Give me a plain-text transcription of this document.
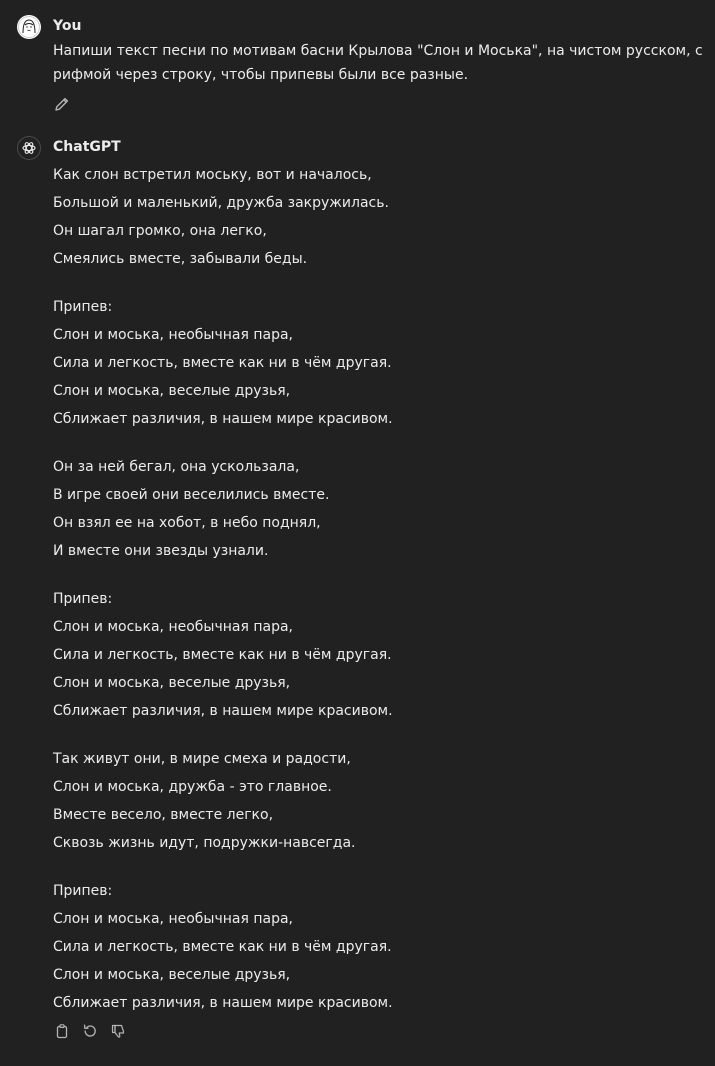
You
Напиши текст песни по мотивам басни Крылова "Слон и Моська", на чистом русском, с рифмой через строку, чтобы припевы были все разные.
ChatGPT
Как слон встретил моську, вот и началось,
Большой и маленький, дружба закружилась.
Он шагал громко, она легко,
Смеялись вместе, забывали беды.
Припев:
Слон и моська, необычная пара,
Сила и легкость, вместе как ни в чём другая.
Слон и моська, веселые друзья,
Сближает различия, в нашем мире красивом.
Он за ней бегал, она ускользала,
В игре своей они веселились вместе.
Он взял ее на хобот, в небо поднял,
И вместе они звезды узнали.
Припев:
Слон и моська, необычная пара,
Сила и легкость, вместе как ни в чём другая.
Слон и моська, веселые друзья,
Сближает различия, в нашем мире красивом.
Так живут они, в мире смеха и радости,
Слон и моська, дружба - это главное.
Вместе весело, вместе легко,
Сквозь жизнь идут, подружки-навсегда.
Припев:
Слон и моська, необычная пара,
Сила и легкость, вместе как ни в чём другая.
Слон и моська, веселые друзья,
Сближает различия, в нашем мире красивом.
